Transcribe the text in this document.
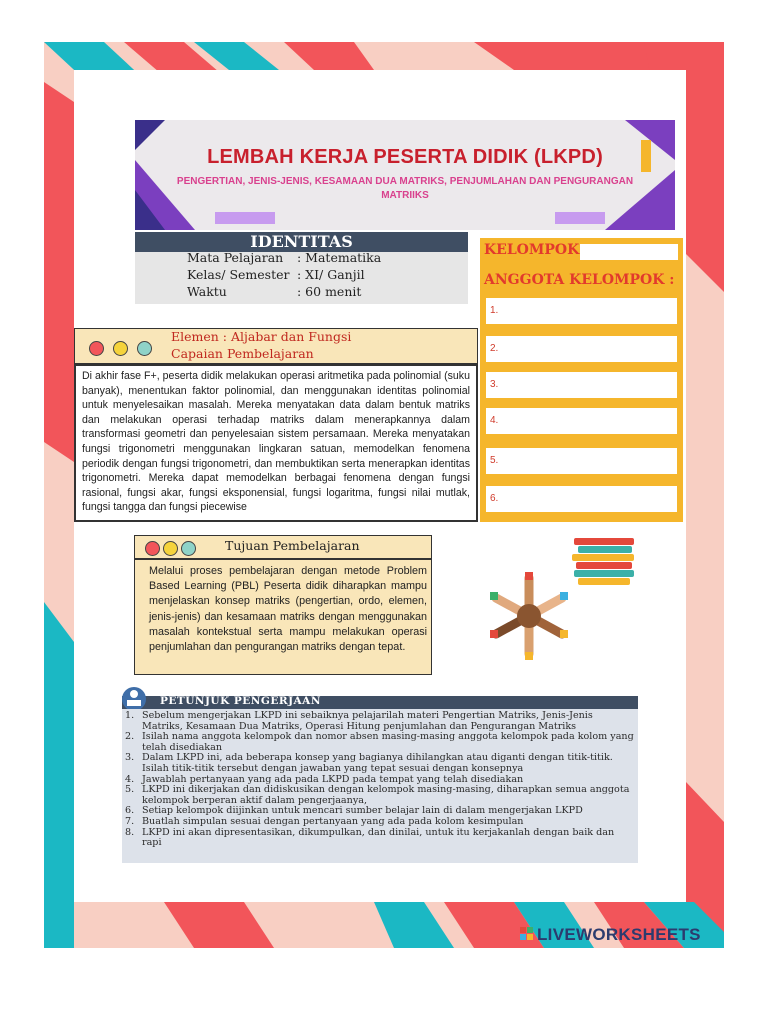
LEMBAH KERJA PESERTA DIDIK (LKPD)
PENGERTIAN, JENIS-JENIS, KESAMAAN DUA MATRIKS, PENJUMLAHAN DAN PENGURANGAN MATRIIKS
IDENTITAS
Mata Pelajaran : Matematika
Kelas/ Semester : XI/ Ganjil
Waktu	: 60 menit
KELOMPOK
ANGGOTA KELOMPOK :
1.
2.
3.
4.
5.
6.
Elemen : Aljabar dan Fungsi
Capaian Pembelajaran
Di akhir fase F+, peserta didik melakukan operasi aritmetika pada polinomial (suku banyak), menentukan faktor polinomial, dan menggunakan identitas polinomial untuk menyelesaikan masalah. Mereka menyatakan data dalam bentuk matriks dan melakukan operasi terhadap matriks dalam menerapkannya dalam transformasi geometri dan penyelesaian sistem persamaan. Mereka menyatakan fungsi trigonometri menggunakan lingkaran satuan, memodelkan fenomena periodik dengan fungsi trigonometri, dan membuktikan serta menerapkan identitas trigonometri. Mereka dapat memodelkan berbagai fenomena dengan fungsi rasional, fungsi akar, fungsi eksponensial, fungsi logaritma, fungsi nilai mutlak, fungsi tangga dan fungsi piecewise
Tujuan Pembelajaran
Melalui proses pembelajaran dengan metode Problem Based Learning (PBL) Peserta didik diharapkan mampu menjelaskan konsep matriks (pengertian, ordo, elemen, jenis-jenis) dan kesamaan matriks dengan menggunakan masalah kontekstual serta mampu melakukan operasi penjumlahan dan pengurangan matriks dengan tepat.
PETUNJUK PENGERJAAN
1. Sebelum mengerjakan LKPD ini sebaiknya pelajarilah materi Pengertian Matriks, Jenis-Jenis Matriks, Kesamaan Dua Matriks, Operasi Hitung penjumlahan dan Pengurangan Matriks
2. Isilah nama anggota kelompok dan nomor absen masing-masing anggota kelompok pada kolom yang telah disediakan
3. Dalam LKPD ini, ada beberapa konsep yang bagianya dihilangkan atau diganti dengan titik-titik. Isilah titik-titik tersebut dengan jawaban yang tepat sesuai dengan konsepnya
4. Jawablah pertanyaan yang ada pada LKPD pada tempat yang telah disediakan
5. LKPD ini dikerjakan dan didiskusikan dengan kelompok masing-masing, diharapkan semua anggota kelompok berperan aktif dalam pengerjaanya,
6. Setiap kelompok diijinkan untuk mencari sumber belajar lain di dalam mengerjakan LKPD
7. Buatlah simpulan sesuai dengan pertanyaan yang ada pada kolom kesimpulan
8. LKPD ini akan dipresentasikan, dikumpulkan, dan dinilai, untuk itu kerjakanlah dengan baik dan rapi
LIVEWORKSHEETS
